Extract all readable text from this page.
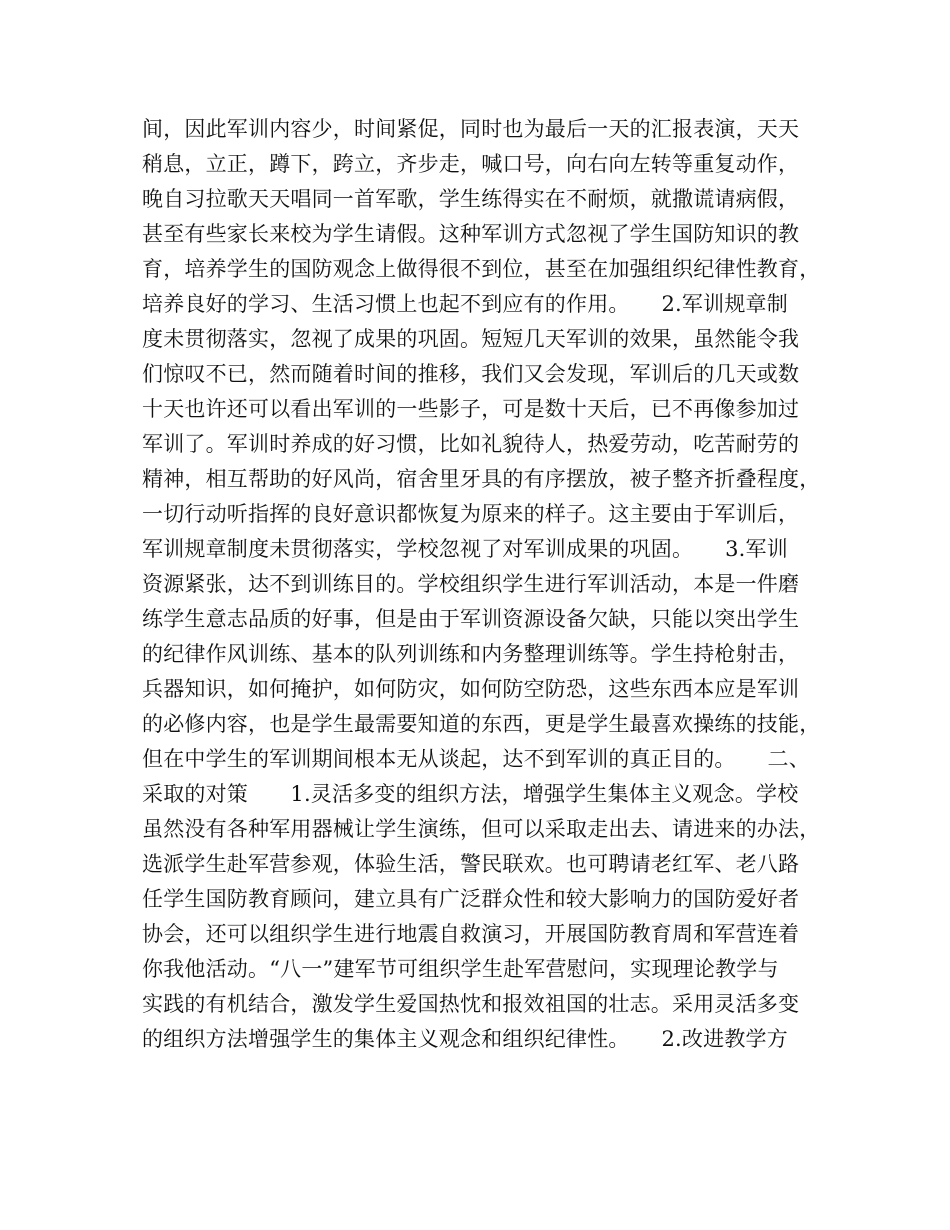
间，因此军训内容少，时间紧促，同时也为最后一天的汇报表演，天天
稍息，立正，蹲下，跨立，齐步走，喊口号，向右向左转等重复动作，
晚自习拉歌天天唱同一首军歌，学生练得实在不耐烦，就撒谎请病假，
甚至有些家长来校为学生请假。这种军训方式忽视了学生国防知识的教
育，培养学生的国防观念上做得很不到位，甚至在加强组织纪律性教育，
培养良好的学习、生活习惯上也起不到应有的作用。　　2.军训规章制
度未贯彻落实，忽视了成果的巩固。短短几天军训的效果，虽然能令我
们惊叹不已，然而随着时间的推移，我们又会发现，军训后的几天或数
十天也许还可以看出军训的一些影子，可是数十天后，已不再像参加过
军训了。军训时养成的好习惯，比如礼貌待人，热爱劳动，吃苦耐劳的
精神，相互帮助的好风尚，宿舍里牙具的有序摆放，被子整齐折叠程度，
一切行动听指挥的良好意识都恢复为原来的样子。这主要由于军训后，
军训规章制度未贯彻落实，学校忽视了对军训成果的巩固。　　3.军训
资源紧张，达不到训练目的。学校组织学生进行军训活动，本是一件磨
练学生意志品质的好事，但是由于军训资源设备欠缺，只能以突出学生
的纪律作风训练、基本的队列训练和内务整理训练等。学生持枪射击，
兵器知识，如何掩护，如何防灾，如何防空防恐，这些东西本应是军训
的必修内容，也是学生最需要知道的东西，更是学生最喜欢操练的技能，
但在中学生的军训期间根本无从谈起，达不到军训的真正目的。　　二、
采取的对策　　1.灵活多变的组织方法，增强学生集体主义观念。学校
虽然没有各种军用器械让学生演练，但可以采取走出去、请进来的办法，
选派学生赴军营参观，体验生活，警民联欢。也可聘请老红军、老八路
任学生国防教育顾问，建立具有广泛群众性和较大影响力的国防爱好者
协会，还可以组织学生进行地震自救演习，开展国防教育周和军营连着
你我他活动。“八一”建军节可组织学生赴军营慰问，实现理论教学与
实践的有机结合，激发学生爱国热忱和报效祖国的壮志。采用灵活多变
的组织方法增强学生的集体主义观念和组织纪律性。　　2.改进教学方
